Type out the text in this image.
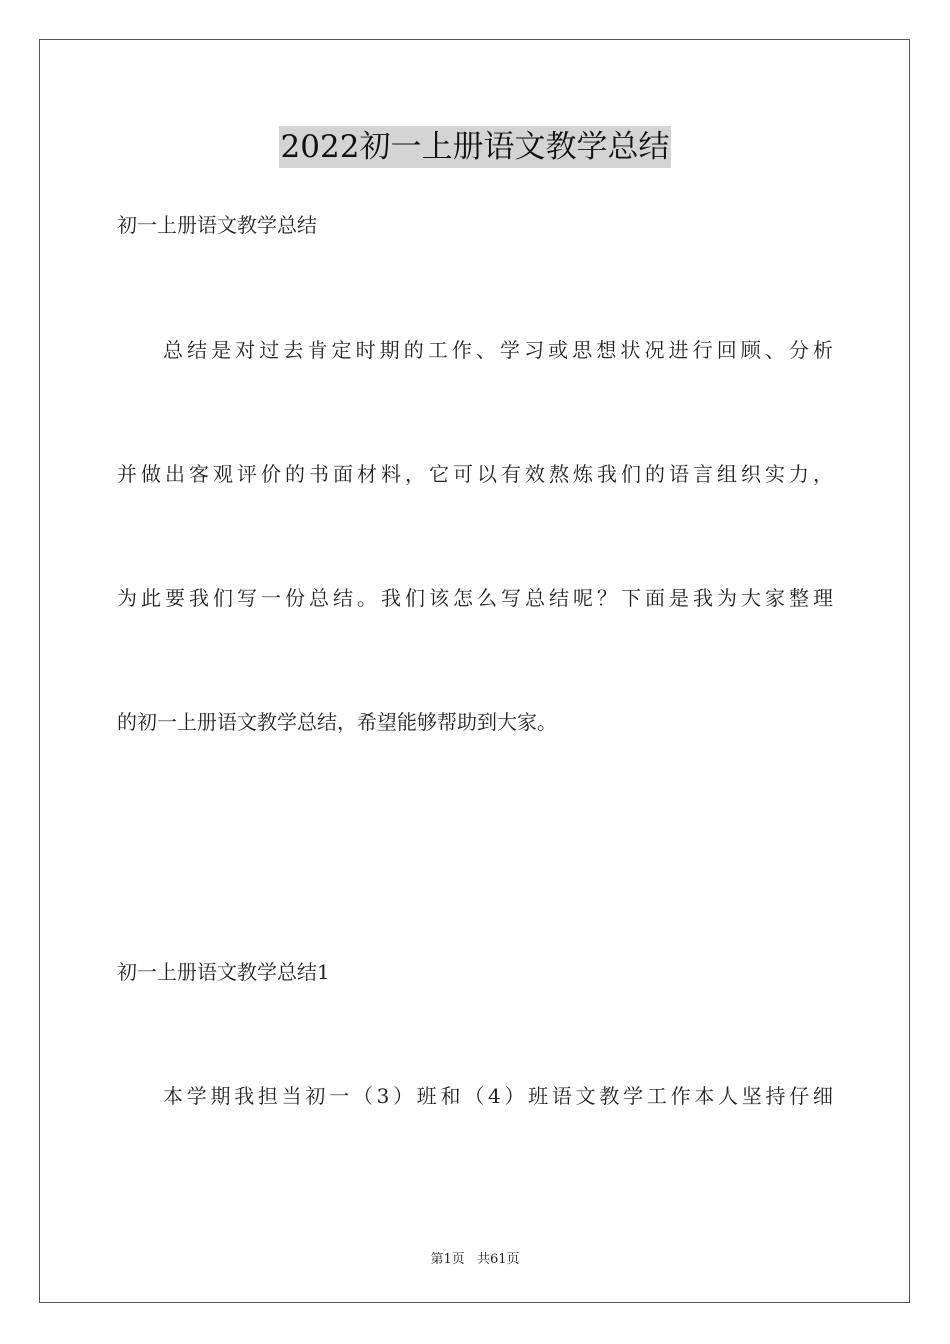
2022初一上册语文教学总结
初一上册语文教学总结
总结是对过去肯定时期的工作、学习或思想状况进行回顾、分析
并做出客观评价的书面材料，它可以有效熬炼我们的语言组织实力，
为此要我们写一份总结。我们该怎么写总结呢？下面是我为大家整理
的初一上册语文教学总结，希望能够帮助到大家。
初一上册语文教学总结1
本学期我担当初一（3）班和（4）班语文教学工作本人坚持仔细
第1页 共61页
